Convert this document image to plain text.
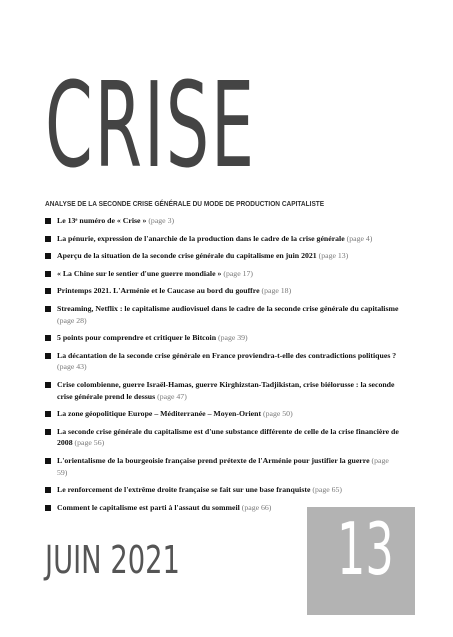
CRISE
ANALYSE DE LA SECONDE CRISE GÉNÉRALE DU MODE DE PRODUCTION CAPITALISTE
Le 13ᵉ numéro de « Crise » (page 3)
La pénurie, expression de l'anarchie de la production dans le cadre de la crise générale (page 4)
Aperçu de la situation de la seconde crise générale du capitalisme en juin 2021 (page 13)
« La Chine sur le sentier d'une guerre mondiale » (page 17)
Printemps 2021. L'Arménie et le Caucase au bord du gouffre (page 18)
Streaming, Netflix : le capitalisme audiovisuel dans le cadre de la seconde crise générale du capitalisme (page 28)
5 points pour comprendre et critiquer le Bitcoin (page 39)
La décantation de la seconde crise générale en France proviendra-t-elle des contradictions politiques ? (page 43)
Crise colombienne, guerre Israël-Hamas, guerre Kirghizstan-Tadjikistan, crise biélorusse : la seconde crise générale prend le dessus (page 47)
La zone géopolitique Europe – Méditerranée – Moyen-Orient (page 50)
La seconde crise générale du capitalisme est d'une substance différente de celle de la crise financière de 2008 (page 56)
L'orientalisme de la bourgeoisie française prend prétexte de l'Arménie pour justifier la guerre (page 59)
Le renforcement de l'extrême droite française se fait sur une base franquiste (page 65)
Comment le capitalisme est parti à l'assaut du sommeil (page 66)
JUIN 2021 13
